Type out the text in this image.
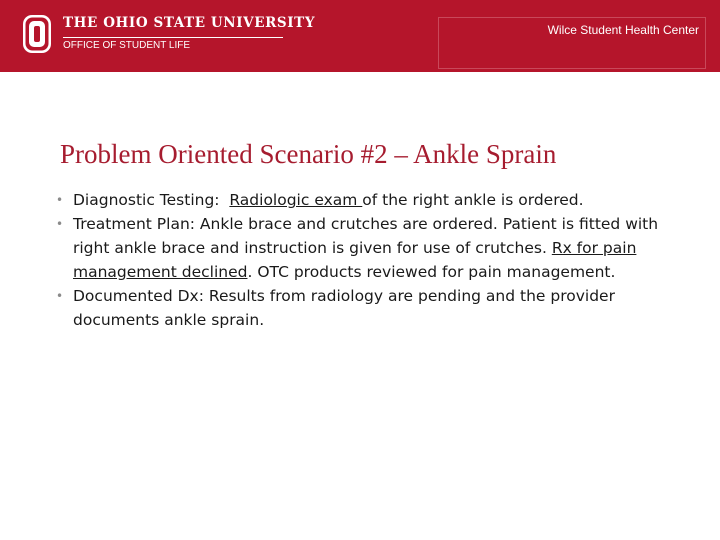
THE OHIO STATE UNIVERSITY
OFFICE OF STUDENT LIFE
Wilce Student Health Center
Problem Oriented Scenario #2 – Ankle Sprain
• Diagnostic Testing: Radiologic exam of the right ankle is ordered.
• Treatment Plan: Ankle brace and crutches are ordered. Patient is fitted with right ankle brace and instruction is given for use of crutches. Rx for pain management declined. OTC products reviewed for pain management.
• Documented Dx: Results from radiology are pending and the provider documents ankle sprain.
